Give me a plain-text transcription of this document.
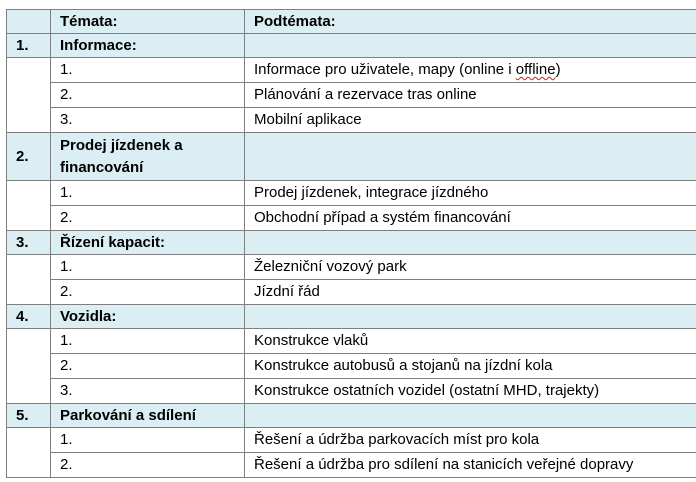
	Témata:	Podtémata:
1.	Informace:	
	1.	Informace pro uživatele, mapy (online i offline)
	2.	Plánování a rezervace tras online
	3.	Mobilní aplikace
2.	Prodej jízdenek a financování	
	1.	Prodej jízdenek, integrace jízdného
	2.	Obchodní případ a systém financování
3.	Řízení kapacit:	
	1.	Železniční vozový park
	2.	Jízdní řád
4.	Vozidla:	
	1.	Konstrukce vlaků
	2.	Konstrukce autobusů a stojanů na jízdní kola
	3.	Konstrukce ostatních vozidel (ostatní MHD, trajekty)
5.	Parkování a sdílení	
	1.	Řešení a údržba parkovacích míst pro kola
	2.	Řešení a údržba pro sdílení na stanicích veřejné dopravy
